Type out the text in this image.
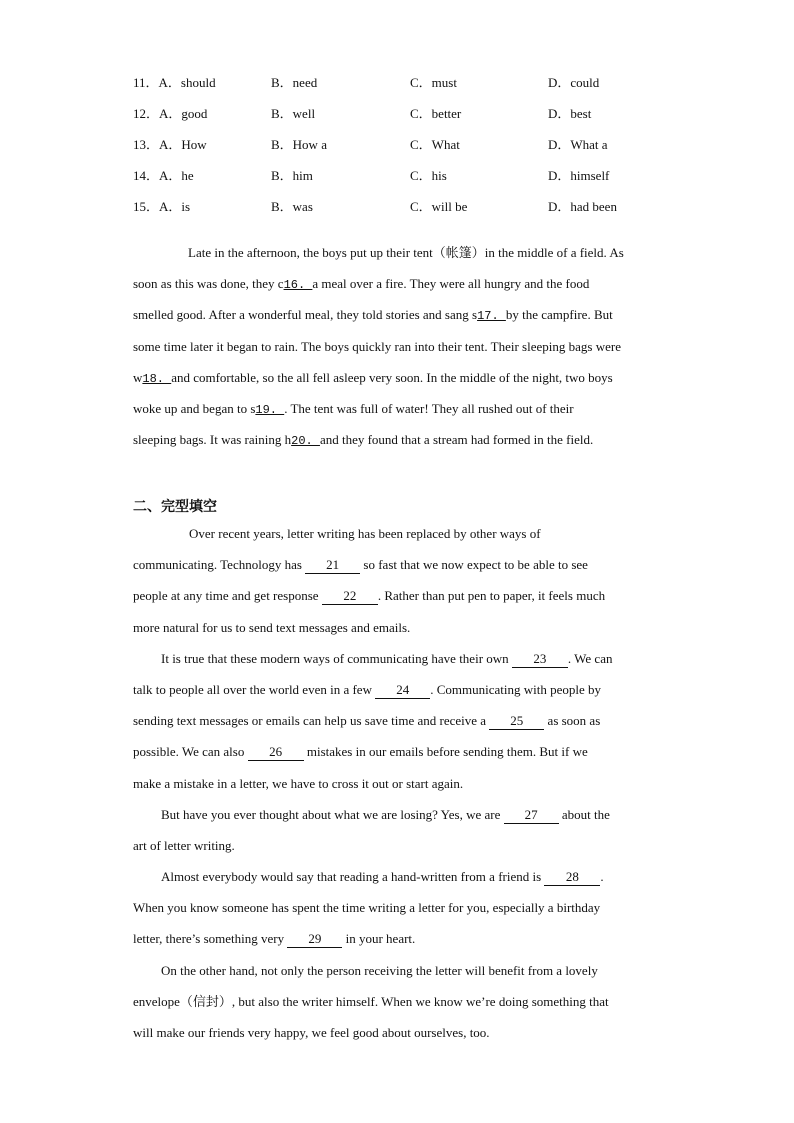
11．A．should	B．need	C．must	D．could
12．A．good	B．well	C．better	D．best
13．A．How	B．How a	C．What	D．What a
14．A．he	B．him	C．his	D．himself
15．A．is	B．was	C．will be	D．had been
Late in the afternoon, the boys put up their tent（帐篷）in the middle of a field. As
soon as this was done, they c16. a meal over a fire. They were all hungry and the food
smelled good. After a wonderful meal, they told stories and sang s17. by the campfire. But
some time later it began to rain. The boys quickly ran into their tent. Their sleeping bags were
w18. and comfortable, so the all fell asleep very soon. In the middle of the night, two boys
woke up and began to s19. . The tent was full of water! They all rushed out of their
sleeping bags. It was raining h20. and they found that a stream had formed in the field.
二、完型填空
Over recent years, letter writing has been replaced by other ways of
communicating. Technology has 21 so fast that we now expect to be able to see
people at any time and get response 22 . Rather than put pen to paper, it feels much
more natural for us to send text messages and emails.
It is true that these modern ways of communicating have their own 23 . We can
talk to people all over the world even in a few 24 . Communicating with people by
sending text messages or emails can help us save time and receive a 25 as soon as
possible. We can also 26 mistakes in our emails before sending them. But if we
make a mistake in a letter, we have to cross it out or start again.
But have you ever thought about what we are losing? Yes, we are 27 about the
art of letter writing.
Almost everybody would say that reading a hand-written from a friend is 28 .
When you know someone has spent the time writing a letter for you, especially a birthday
letter, there’s something very 29 in your heart.
On the other hand, not only the person receiving the letter will benefit from a lovely
envelope（信封）, but also the writer himself. When we know we’re doing something that
will make our friends very happy, we feel good about ourselves, too.
